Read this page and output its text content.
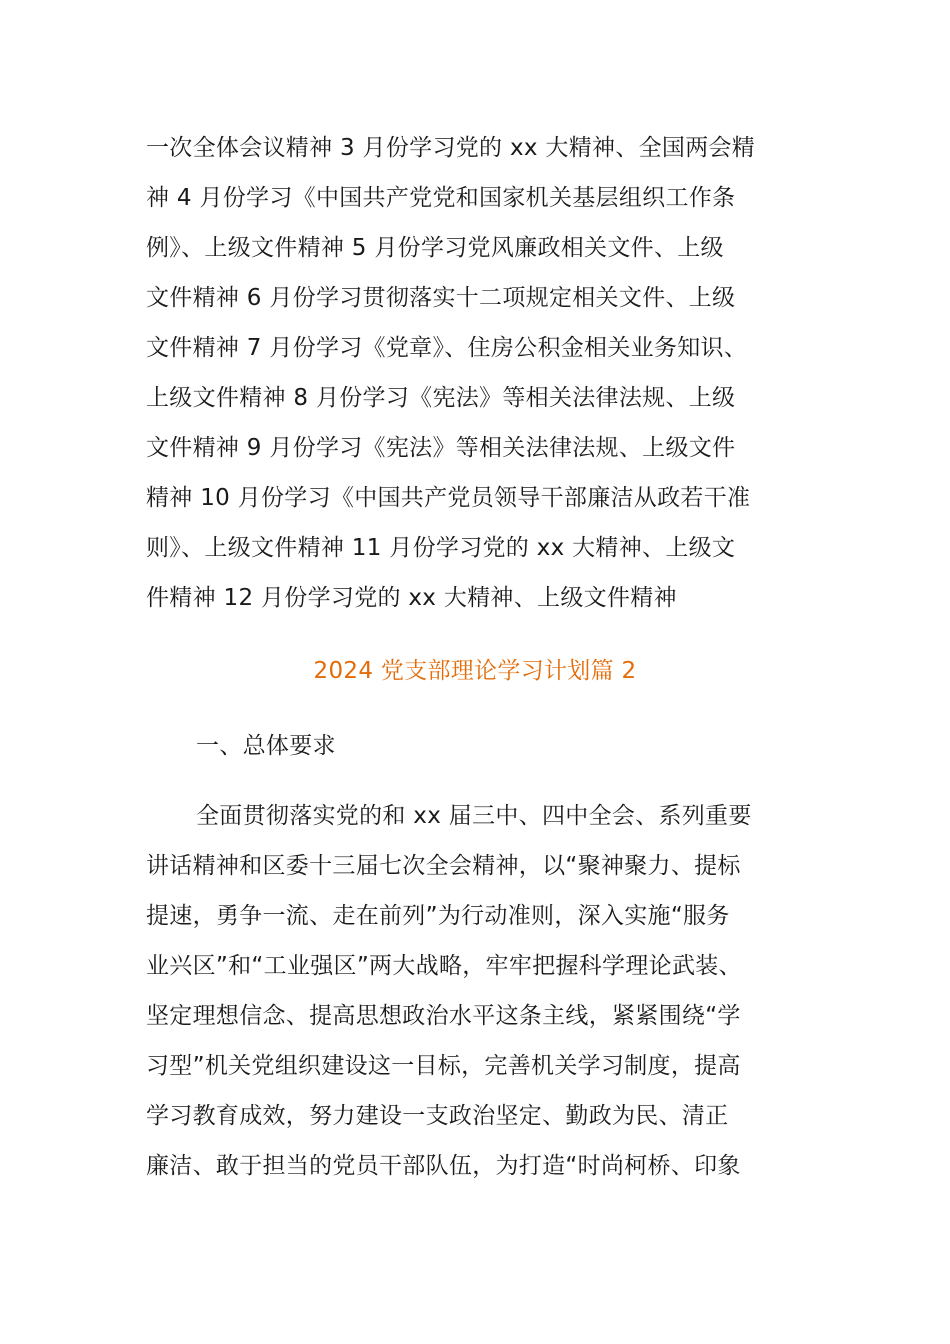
一次全体会议精神 3 月份学习党的 xx 大精神、全国两会精
神 4 月份学习《中国共产党党和国家机关基层组织工作条
例》、上级文件精神 5 月份学习党风廉政相关文件、上级
文件精神 6 月份学习贯彻落实十二项规定相关文件、上级
文件精神 7 月份学习《党章》、住房公积金相关业务知识、
上级文件精神 8 月份学习《宪法》等相关法律法规、上级
文件精神 9 月份学习《宪法》等相关法律法规、上级文件
精神 10 月份学习《中国共产党员领导干部廉洁从政若干准
则》、上级文件精神 11 月份学习党的 xx 大精神、上级文
件精神 12 月份学习党的 xx 大精神、上级文件精神
2024 党支部理论学习计划篇 2
一、总体要求
全面贯彻落实党的和 xx 届三中、四中全会、系列重要
讲话精神和区委十三届七次全会精神，以“聚神聚力、提标
提速，勇争一流、走在前列”为行动准则，深入实施“服务
业兴区”和“工业强区”两大战略，牢牢把握科学理论武装、
坚定理想信念、提高思想政治水平这条主线，紧紧围绕“学
习型”机关党组织建设这一目标，完善机关学习制度，提高
学习教育成效，努力建设一支政治坚定、勤政为民、清正
廉洁、敢于担当的党员干部队伍，为打造“时尚柯桥、印象
